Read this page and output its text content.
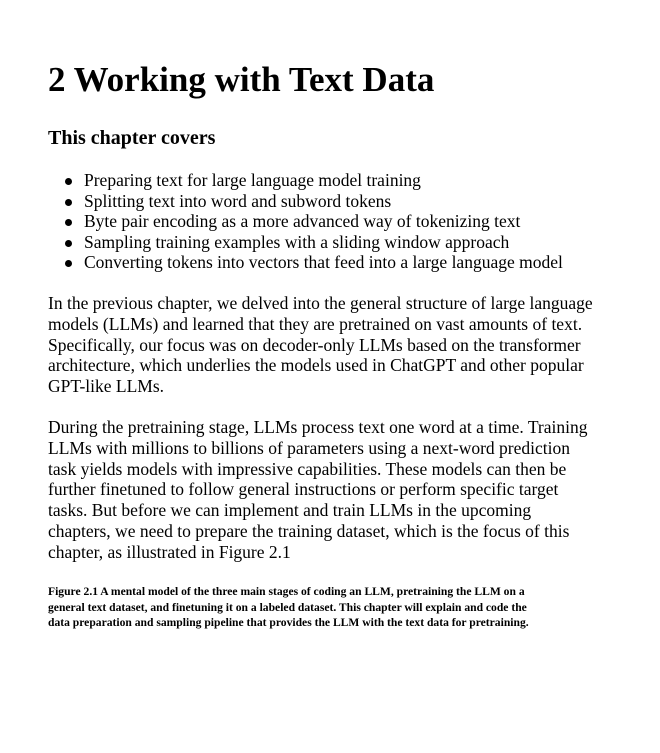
2 Working with Text Data
This chapter covers
Preparing text for large language model training
Splitting text into word and subword tokens
Byte pair encoding as a more advanced way of tokenizing text
Sampling training examples with a sliding window approach
Converting tokens into vectors that feed into a large language model

In the previous chapter, we delved into the general structure of large language
models (LLMs) and learned that they are pretrained on vast amounts of text.
Specifically, our focus was on decoder-only LLMs based on the transformer
architecture, which underlies the models used in ChatGPT and other popular
GPT-like LLMs.

During the pretraining stage, LLMs process text one word at a time. Training
LLMs with millions to billions of parameters using a next-word prediction
task yields models with impressive capabilities. These models can then be
further finetuned to follow general instructions or perform specific target
tasks. But before we can implement and train LLMs in the upcoming
chapters, we need to prepare the training dataset, which is the focus of this
chapter, as illustrated in Figure 2.1

Figure 2.1 A mental model of the three main stages of coding an LLM, pretraining the LLM on a
general text dataset, and finetuning it on a labeled dataset. This chapter will explain and code the
data preparation and sampling pipeline that provides the LLM with the text data for pretraining.
